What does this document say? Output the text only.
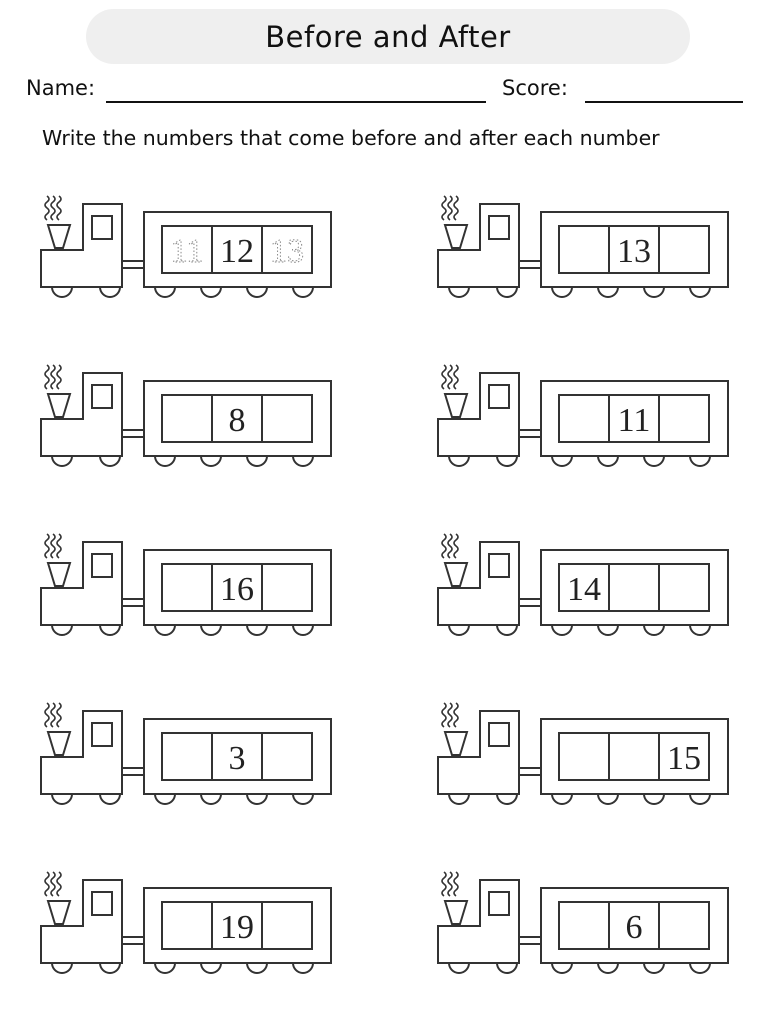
Before and After
Name:	Score:
Write the numbers that come before and after each number
11 12 13	13
8	11
16	14
3	15
19	6
